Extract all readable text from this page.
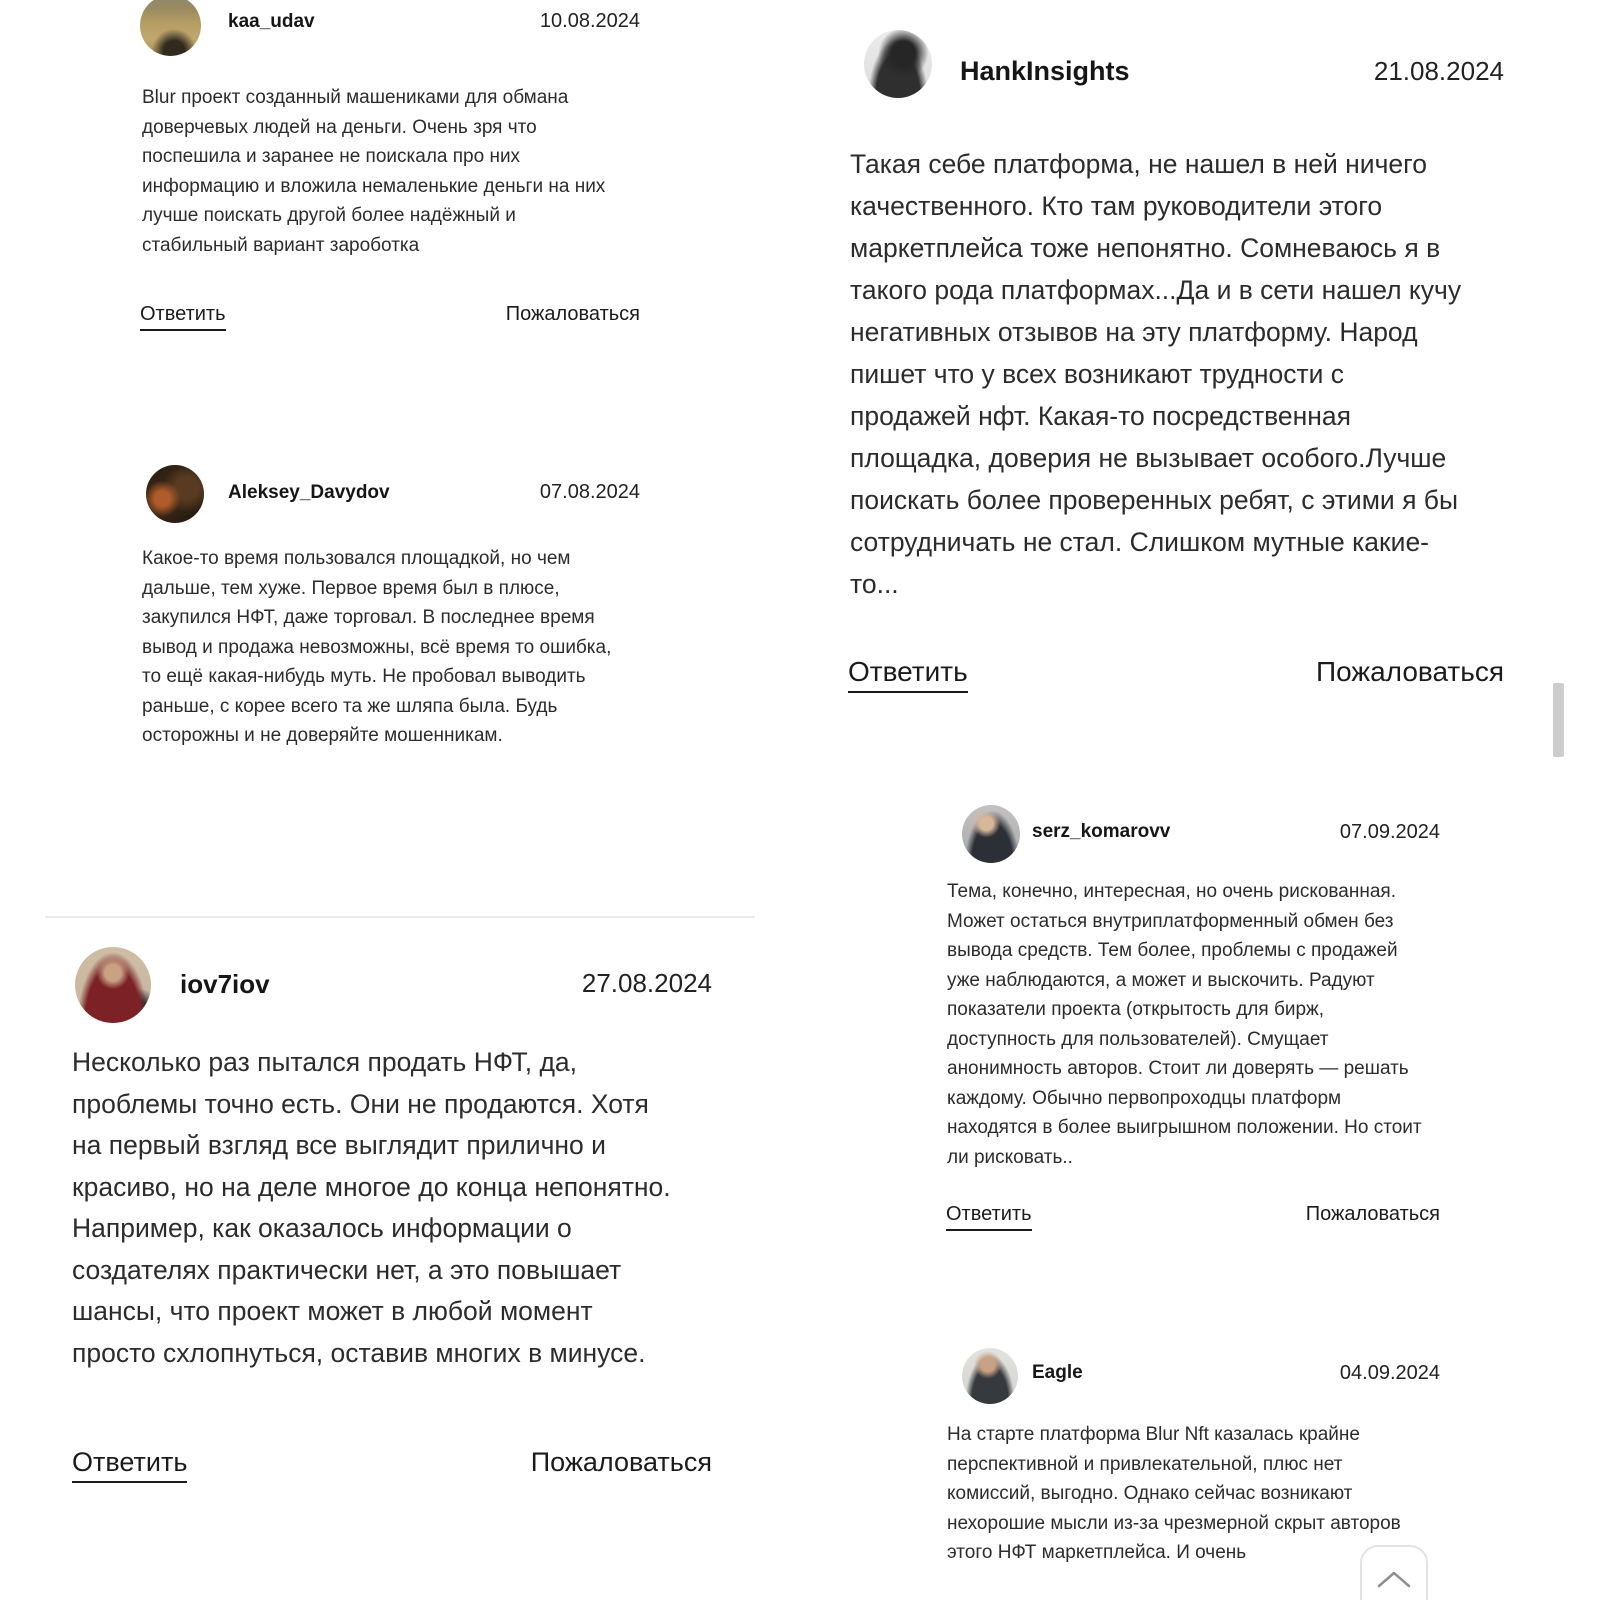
kaa_udav	10.08.2024
Blur проект созданный машениками для обмана доверчевых людей на деньги. Очень зря что поспешила и заранее не поискала про них информацию и вложила немаленькие деньги на них лучше поискать другой более надёжный и стабильный вариант зароботка
Ответить	Пожаловаться
Aleksey_Davydov	07.08.2024
Какое-то время пользовался площадкой, но чем дальше, тем хуже. Первое время был в плюсе, закупился НФТ, даже торговал. В последнее время вывод и продажа невозможны, всё время то ошибка, то ещё какая-нибудь муть. Не пробовал выводить раньше, с корее всего та же шляпа была. Будь осторожны и не доверяйте мошенникам.
iov7iov	27.08.2024
Несколько раз пытался продать НФТ, да, проблемы точно есть. Они не продаются. Хотя на первый взгляд все выглядит прилично и красиво, но на деле многое до конца непонятно. Например, как оказалось информации о создателях практически нет, а это повышает шансы, что проект может в любой момент просто схлопнуться, оставив многих в минусе.
Ответить	Пожаловаться
HankInsights	21.08.2024
Такая себе платформа, не нашел в ней ничего качественного. Кто там руководители этого маркетплейса тоже непонятно. Сомневаюсь я в такого рода платформах...Да и в сети нашел кучу негативных отзывов на эту платформу. Народ пишет что у всех возникают трудности с продажей нфт. Какая-то посредственная площадка, доверия не вызывает особого.Лучше поискать более проверенных ребят, с этими я бы сотрудничать не стал. Слишком мутные какие-то...
Ответить	Пожаловаться
serz_komarovv	07.09.2024
Тема, конечно, интересная, но очень рискованная. Может остаться внутриплатформенный обмен без вывода средств. Тем более, проблемы с продажей уже наблюдаются, а может и выскочить. Радуют показатели проекта (открытость для бирж, доступность для пользователей). Смущает анонимность авторов. Стоит ли доверять — решать каждому. Обычно первопроходцы платформ находятся в более выигрышном положении. Но стоит ли рисковать..
Ответить	Пожаловаться
Eagle	04.09.2024
На старте платформа Blur Nft казалась крайне перспективной и привлекательной, плюс нет комиссий, выгодно. Однако сейчас возникают нехорошие мысли из-за чрезмерной скрыт авторов этого НФТ маркетплейса. И очень
